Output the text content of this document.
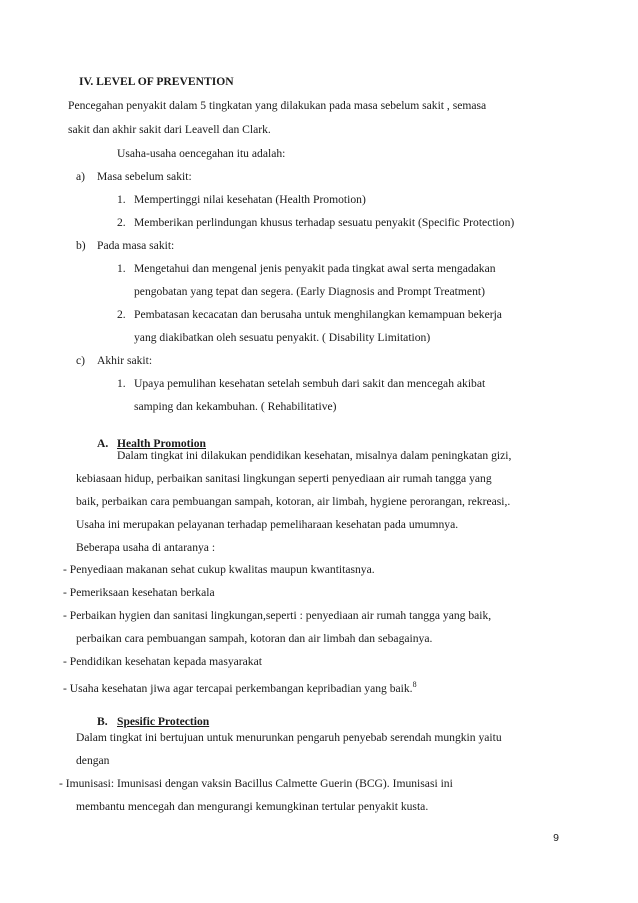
IV. LEVEL OF PREVENTION
Pencegahan penyakit dalam 5 tingkatan yang dilakukan pada masa sebelum sakit , semasa
sakit dan akhir sakit dari Leavell dan Clark.
Usaha-usaha oencegahan itu adalah:
a) Masa sebelum sakit:
1. Mempertinggi nilai kesehatan (Health Promotion)
2. Memberikan perlindungan khusus terhadap sesuatu penyakit (Specific Protection)
b) Pada masa sakit:
1. Mengetahui dan mengenal jenis penyakit pada tingkat awal serta mengadakan
pengobatan yang tepat dan segera. (Early Diagnosis and Prompt Treatment)
2. Pembatasan kecacatan dan berusaha untuk menghilangkan kemampuan bekerja
yang diakibatkan oleh sesuatu penyakit. ( Disability Limitation)
c) Akhir sakit:
1. Upaya pemulihan kesehatan setelah sembuh dari sakit dan mencegah akibat
samping dan kekambuhan. ( Rehabilitative)
A. Health Promotion
Dalam tingkat ini dilakukan pendidikan kesehatan, misalnya dalam peningkatan gizi,
kebiasaan hidup, perbaikan sanitasi lingkungan seperti penyediaan air rumah tangga yang
baik, perbaikan cara pembuangan sampah, kotoran, air limbah, hygiene perorangan, rekreasi,.
Usaha ini merupakan pelayanan terhadap pemeliharaan kesehatan pada umumnya.
Beberapa usaha di antaranya :
- Penyediaan makanan sehat cukup kwalitas maupun kwantitasnya.
- Pemeriksaan kesehatan berkala
- Perbaikan hygien dan sanitasi lingkungan,seperti : penyediaan air rumah tangga yang baik,
perbaikan cara pembuangan sampah, kotoran dan air limbah dan sebagainya.
- Pendidikan kesehatan kepada masyarakat
- Usaha kesehatan jiwa agar tercapai perkembangan kepribadian yang baik.$^8$
B. Spesific Protection
Dalam tingkat ini bertujuan untuk menurunkan pengaruh penyebab serendah mungkin yaitu
dengan
- Imunisasi: Imunisasi dengan vaksin Bacillus Calmette Guerin (BCG). Imunisasi ini
membantu mencegah dan mengurangi kemungkinan tertular penyakit kusta.
9
